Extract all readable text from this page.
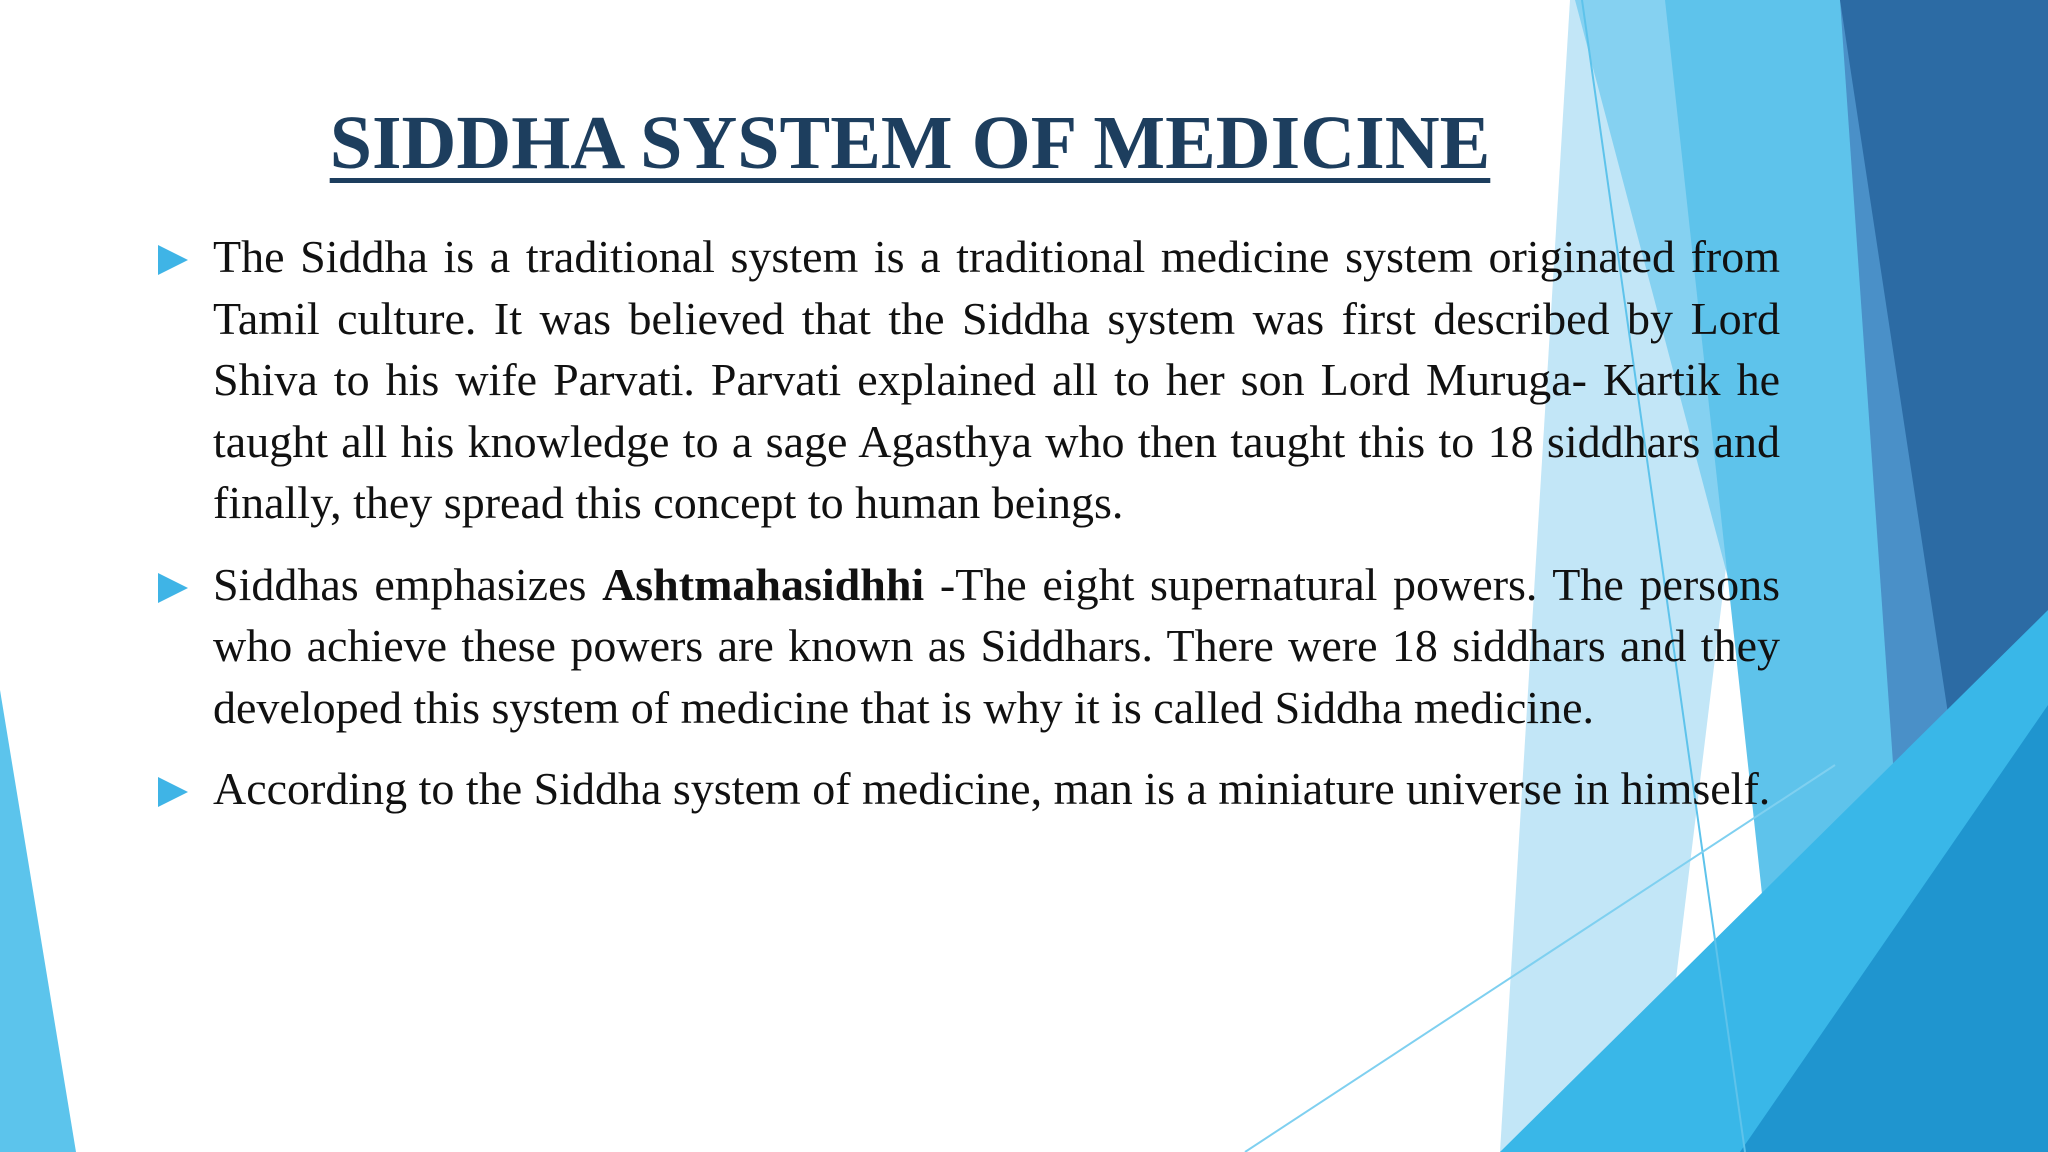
SIDDHA SYSTEM OF MEDICINE
The Siddha is a traditional system is a traditional medicine system originated from Tamil culture. It was believed that the Siddha system was first described by Lord Shiva to his wife Parvati. Parvati explained all to her son Lord Muruga- Kartik he taught all his knowledge to a sage Agasthya who then taught this to 18 siddhars and finally, they spread this concept to human beings.
Siddhas emphasizes Ashtmahasidhhi -The eight supernatural powers. The persons who achieve these powers are known as Siddhars. There were 18 siddhars and they developed this system of medicine that is why it is called Siddha medicine.
According to the Siddha system of medicine, man is a miniature universe in himself.
